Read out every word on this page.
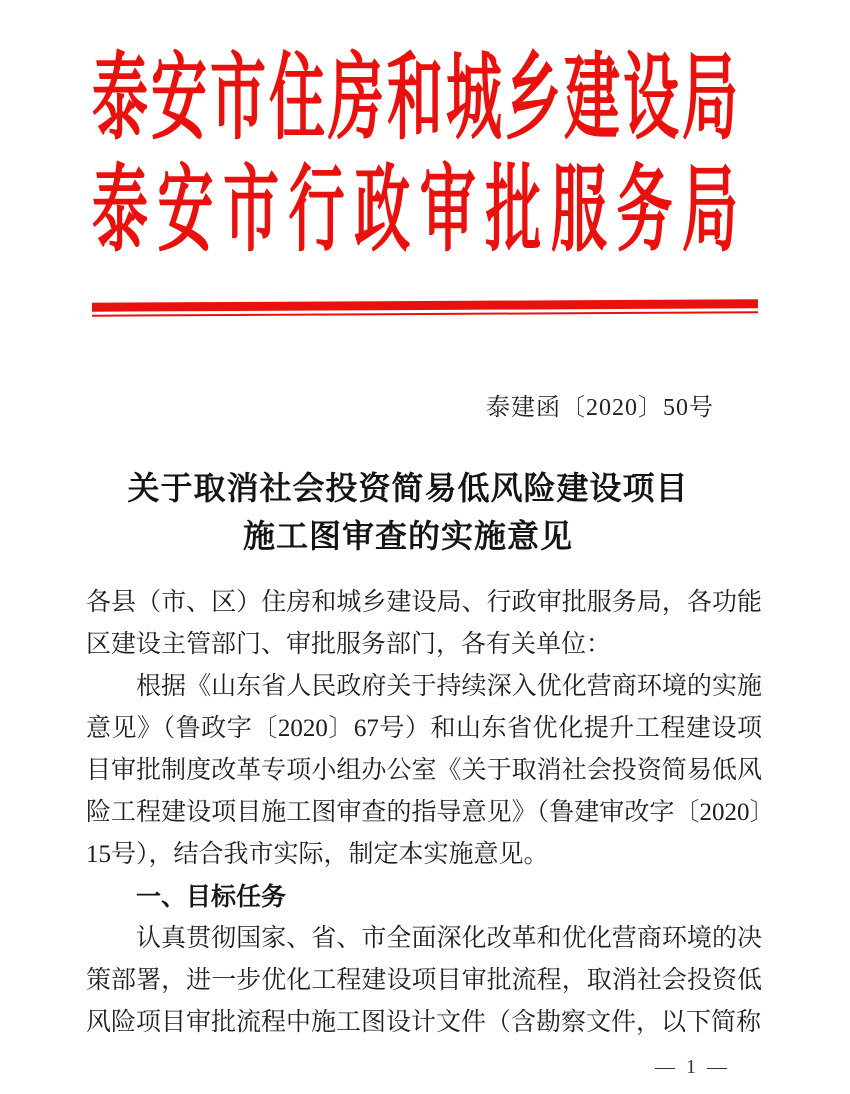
泰安市住房和城乡建设局
泰安市行政审批服务局
泰建函〔2020〕50号
关于取消社会投资简易低风险建设项目
施工图审查的实施意见

各县（市、区）住房和城乡建设局、行政审批服务局，各功能区建设主管部门、审批服务部门，各有关单位：

根据《山东省人民政府关于持续深入优化营商环境的实施意见》（鲁政字〔2020〕67号）和山东省优化提升工程建设项目审批制度改革专项小组办公室《关于取消社会投资简易低风险工程建设项目施工图审查的指导意见》（鲁建审改字〔2020〕15号），结合我市实际，制定本实施意见。

一、目标任务

认真贯彻国家、省、市全面深化改革和优化营商环境的决策部署，进一步优化工程建设项目审批流程，取消社会投资低风险项目审批流程中施工图设计文件（含勘察文件，以下简称

— 1 —
